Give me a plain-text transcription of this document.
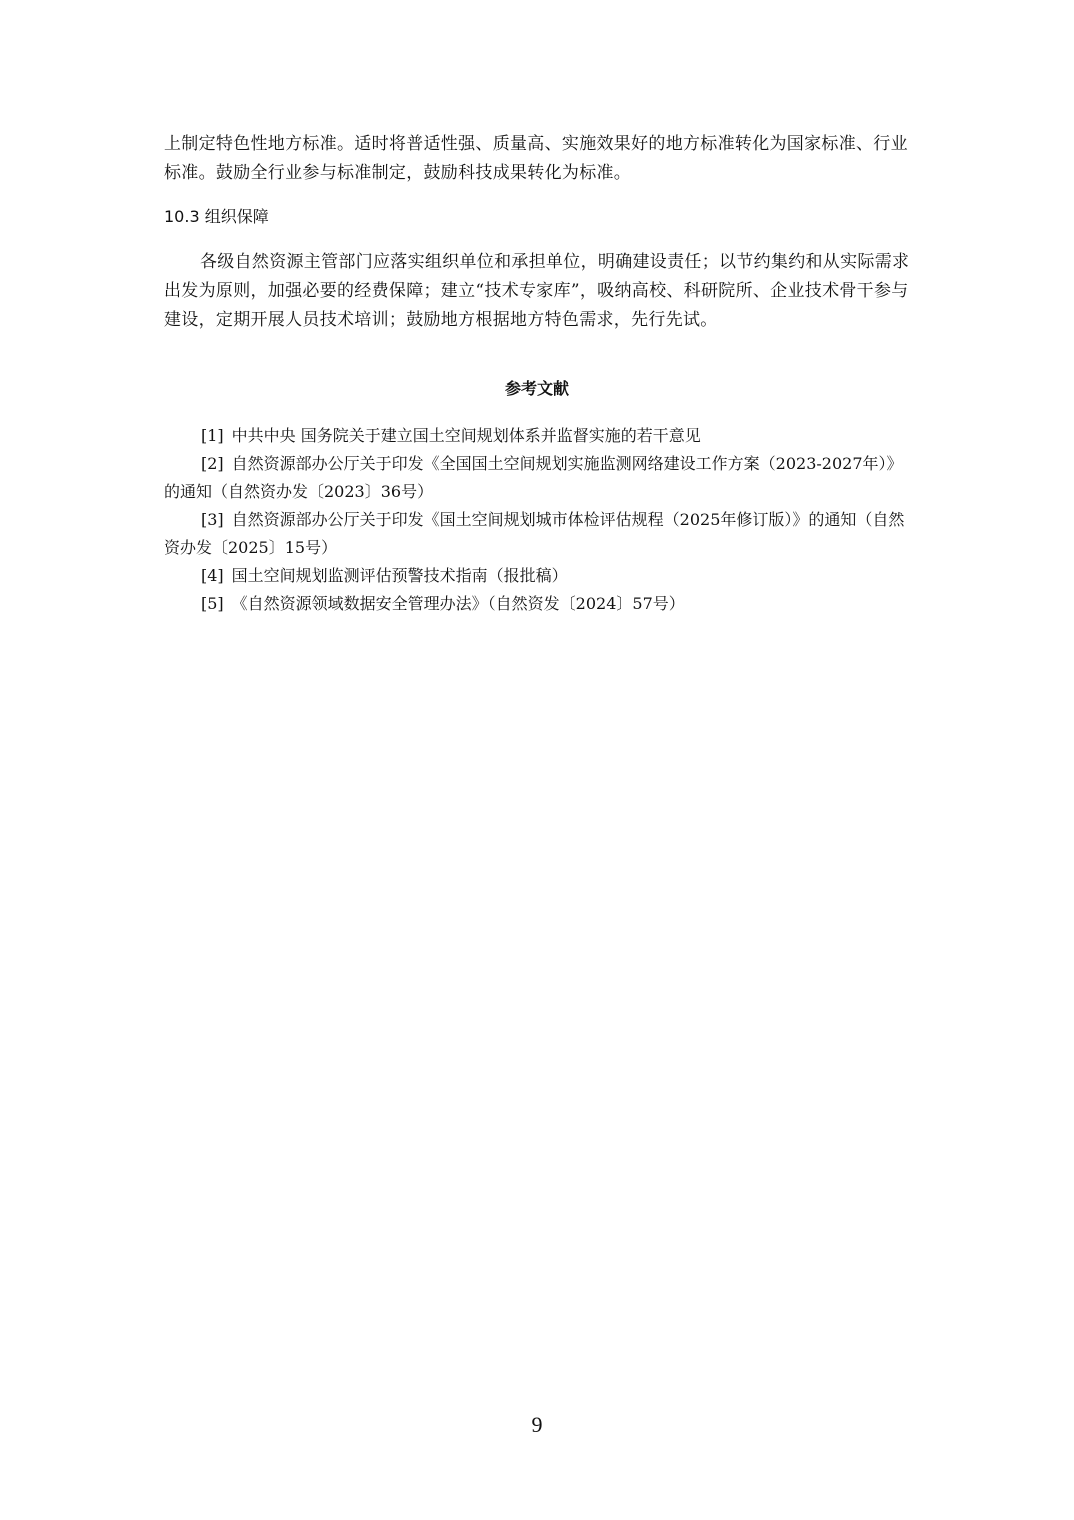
上制定特色性地方标准。适时将普适性强、质量高、实施效果好的地方标准转化为国家标准、行业标准。鼓励全行业参与标准制定，鼓励科技成果转化为标准。

10.3 组织保障

各级自然资源主管部门应落实组织单位和承担单位，明确建设责任；以节约集约和从实际需求出发为原则，加强必要的经费保障；建立“技术专家库”，吸纳高校、科研院所、企业技术骨干参与建设，定期开展人员技术培训；鼓励地方根据地方特色需求，先行先试。

参考文献

[1] 中共中央 国务院关于建立国土空间规划体系并监督实施的若干意见

[2] 自然资源部办公厅关于印发《全国国土空间规划实施监测网络建设工作方案（2023-2027年）》的通知（自然资办发〔2023〕36号）

[3] 自然资源部办公厅关于印发《国土空间规划城市体检评估规程（2025年修订版）》的通知（自然资办发〔2025〕15号）

[4] 国土空间规划监测评估预警技术指南（报批稿）

[5] 《自然资源领域数据安全管理办法》（自然资发〔2024〕57号）

9
